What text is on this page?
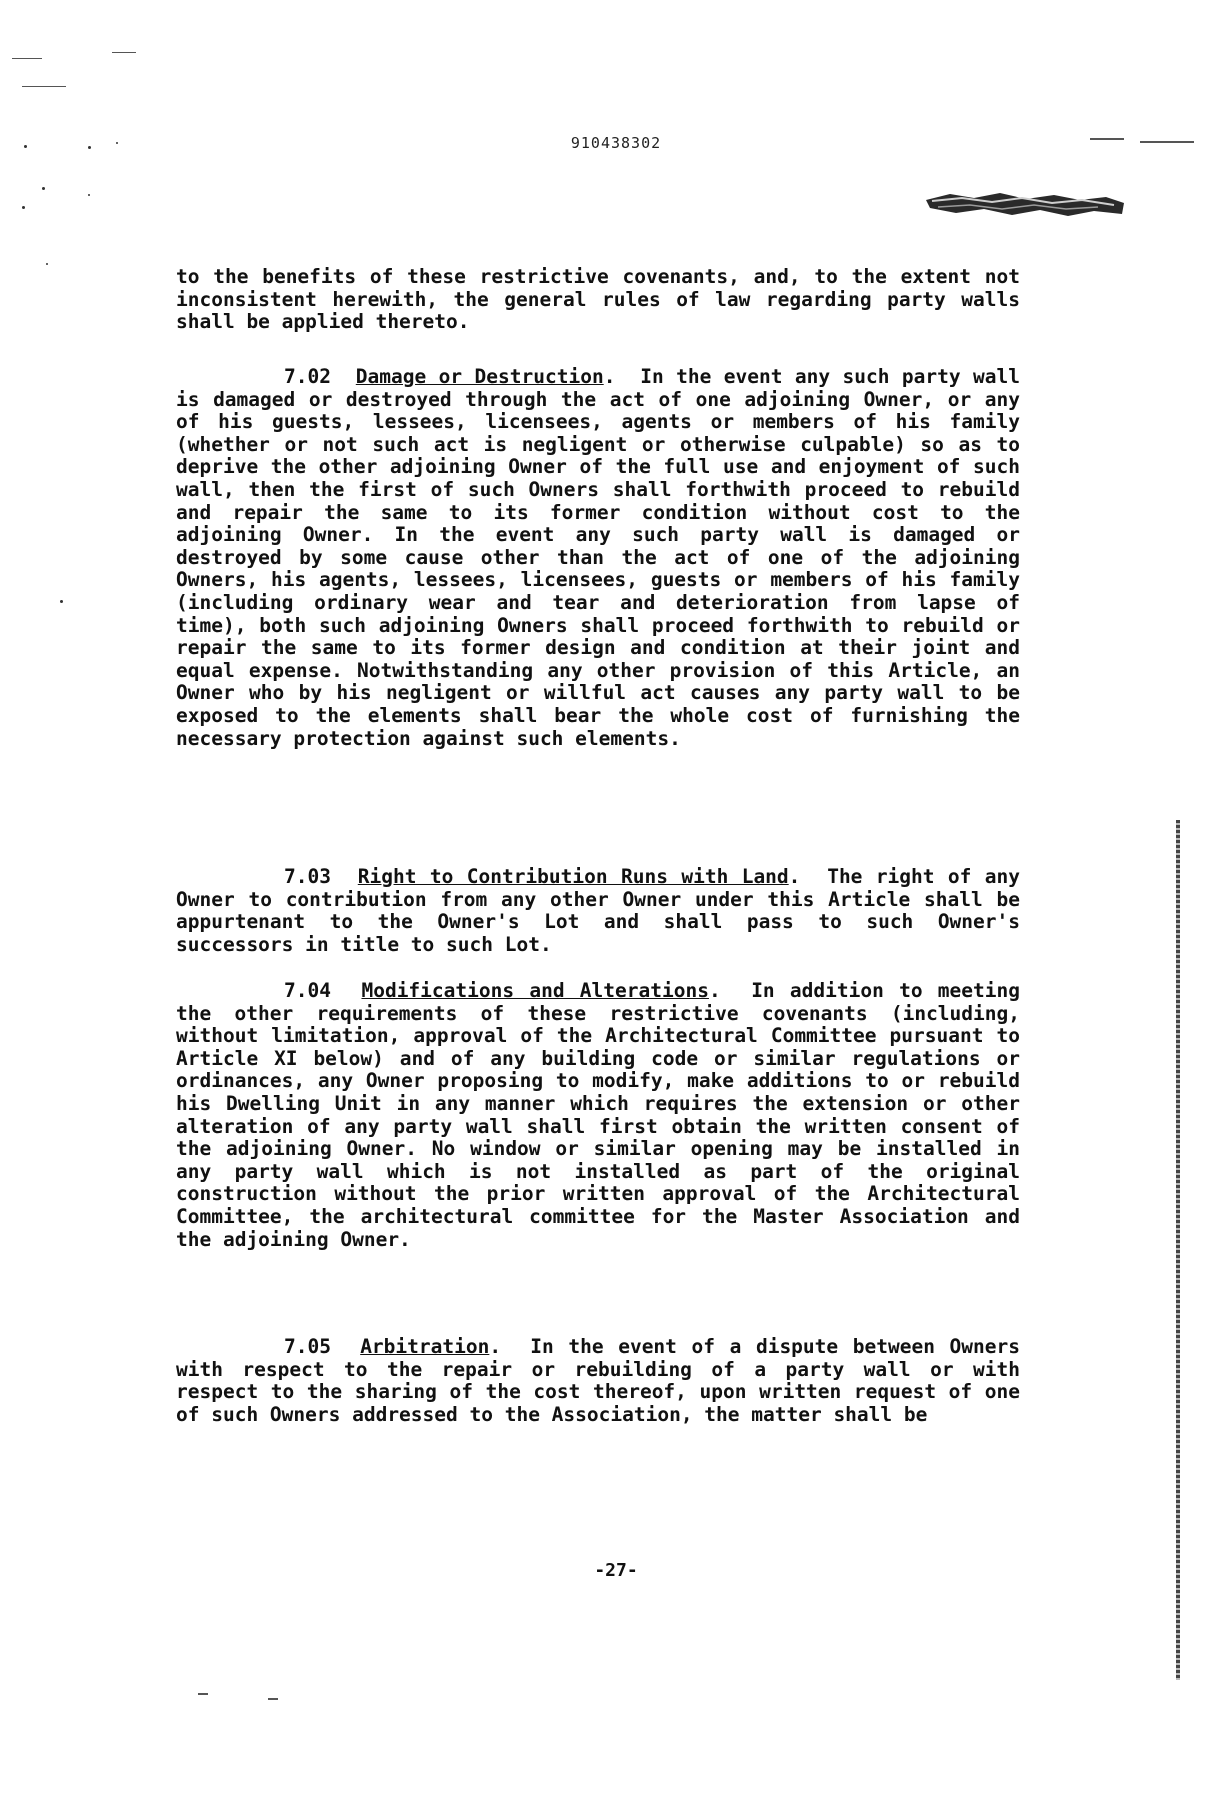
910438302

to the benefits of these restrictive covenants, and, to the extent not inconsistent herewith, the general rules of law regarding party walls shall be applied thereto.

7.02 Damage or Destruction.  In the event any such party wall is damaged or destroyed through the act of one adjoining Owner, or any of his guests, lessees, licensees, agents or members of his family (whether or not such act is negligent or otherwise culpable) so as to deprive the other adjoining Owner of the full use and enjoyment of such wall, then the first of such Owners shall forthwith proceed to rebuild and repair the same to its former condition without cost to the adjoining Owner. In the event any such party wall is damaged or destroyed by some cause other than the act of one of the adjoining Owners, his agents, lessees, licensees, guests or members of his family (including ordinary wear and tear and deterioration from lapse of time), both such adjoining Owners shall proceed forthwith to rebuild or repair the same to its former design and condition at their joint and equal expense. Notwithstanding any other provision of this Article, an Owner who by his negligent or willful act causes any party wall to be exposed to the elements shall bear the whole cost of furnishing the necessary protection against such elements.

7.03 Right to Contribution Runs with Land.  The right of any Owner to contribution from any other Owner under this Article shall be appurtenant to the Owner's Lot and shall pass to such Owner's successors in title to such Lot.

7.04 Modifications and Alterations.  In addition to meeting the other requirements of these restrictive covenants (including, without limitation, approval of the Architectural Committee pursuant to Article XI below) and of any building code or similar regulations or ordinances, any Owner proposing to modify, make additions to or rebuild his Dwelling Unit in any manner which requires the extension or other alteration of any party wall shall first obtain the written consent of the adjoining Owner. No window or similar opening may be installed in any party wall which is not installed as part of the original construction without the prior written approval of the Architectural Committee, the architectural committee for the Master Association and the adjoining Owner.

7.05 Arbitration.  In the event of a dispute between Owners with respect to the repair or rebuilding of a party wall or with respect to the sharing of the cost thereof, upon written request of one of such Owners addressed to the Association, the matter shall be

-27-
